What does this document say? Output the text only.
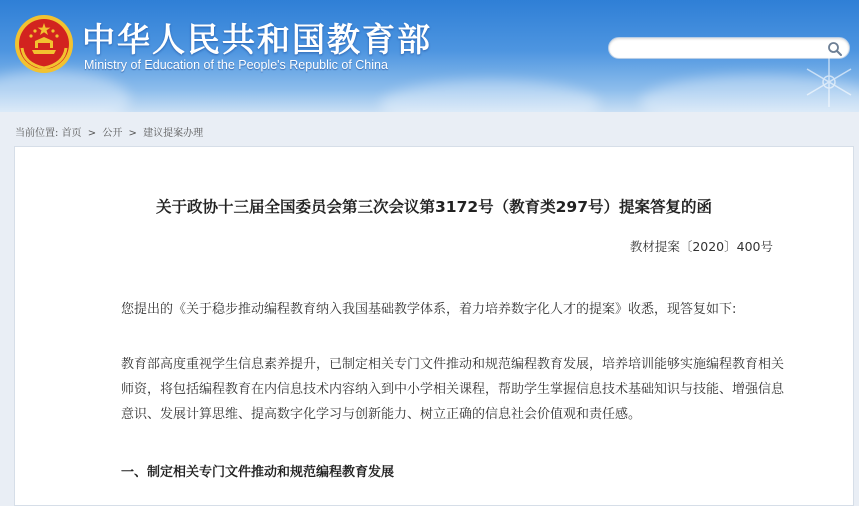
中华人民共和国教育部
Ministry of Education of the People's Republic of China
当前位置: 首页 > 公开 > 建议提案办理
关于政协十三届全国委员会第三次会议第3172号（教育类297号）提案答复的函
教材提案〔2020〕400号
您提出的《关于稳步推动编程教育纳入我国基础教学体系，着力培养数字化人才的提案》收悉，现答复如下:
教育部高度重视学生信息素养提升，已制定相关专门文件推动和规范编程教育发展，培养培训能够实施编程教育相关师资，将包括编程教育在内信息技术内容纳入到中小学相关课程，帮助学生掌握信息技术基础知识与技能、增强信息意识、发展计算思维、提高数字化学习与创新能力、树立正确的信息社会价值观和责任感。
一、制定相关专门文件推动和规范编程教育发展
